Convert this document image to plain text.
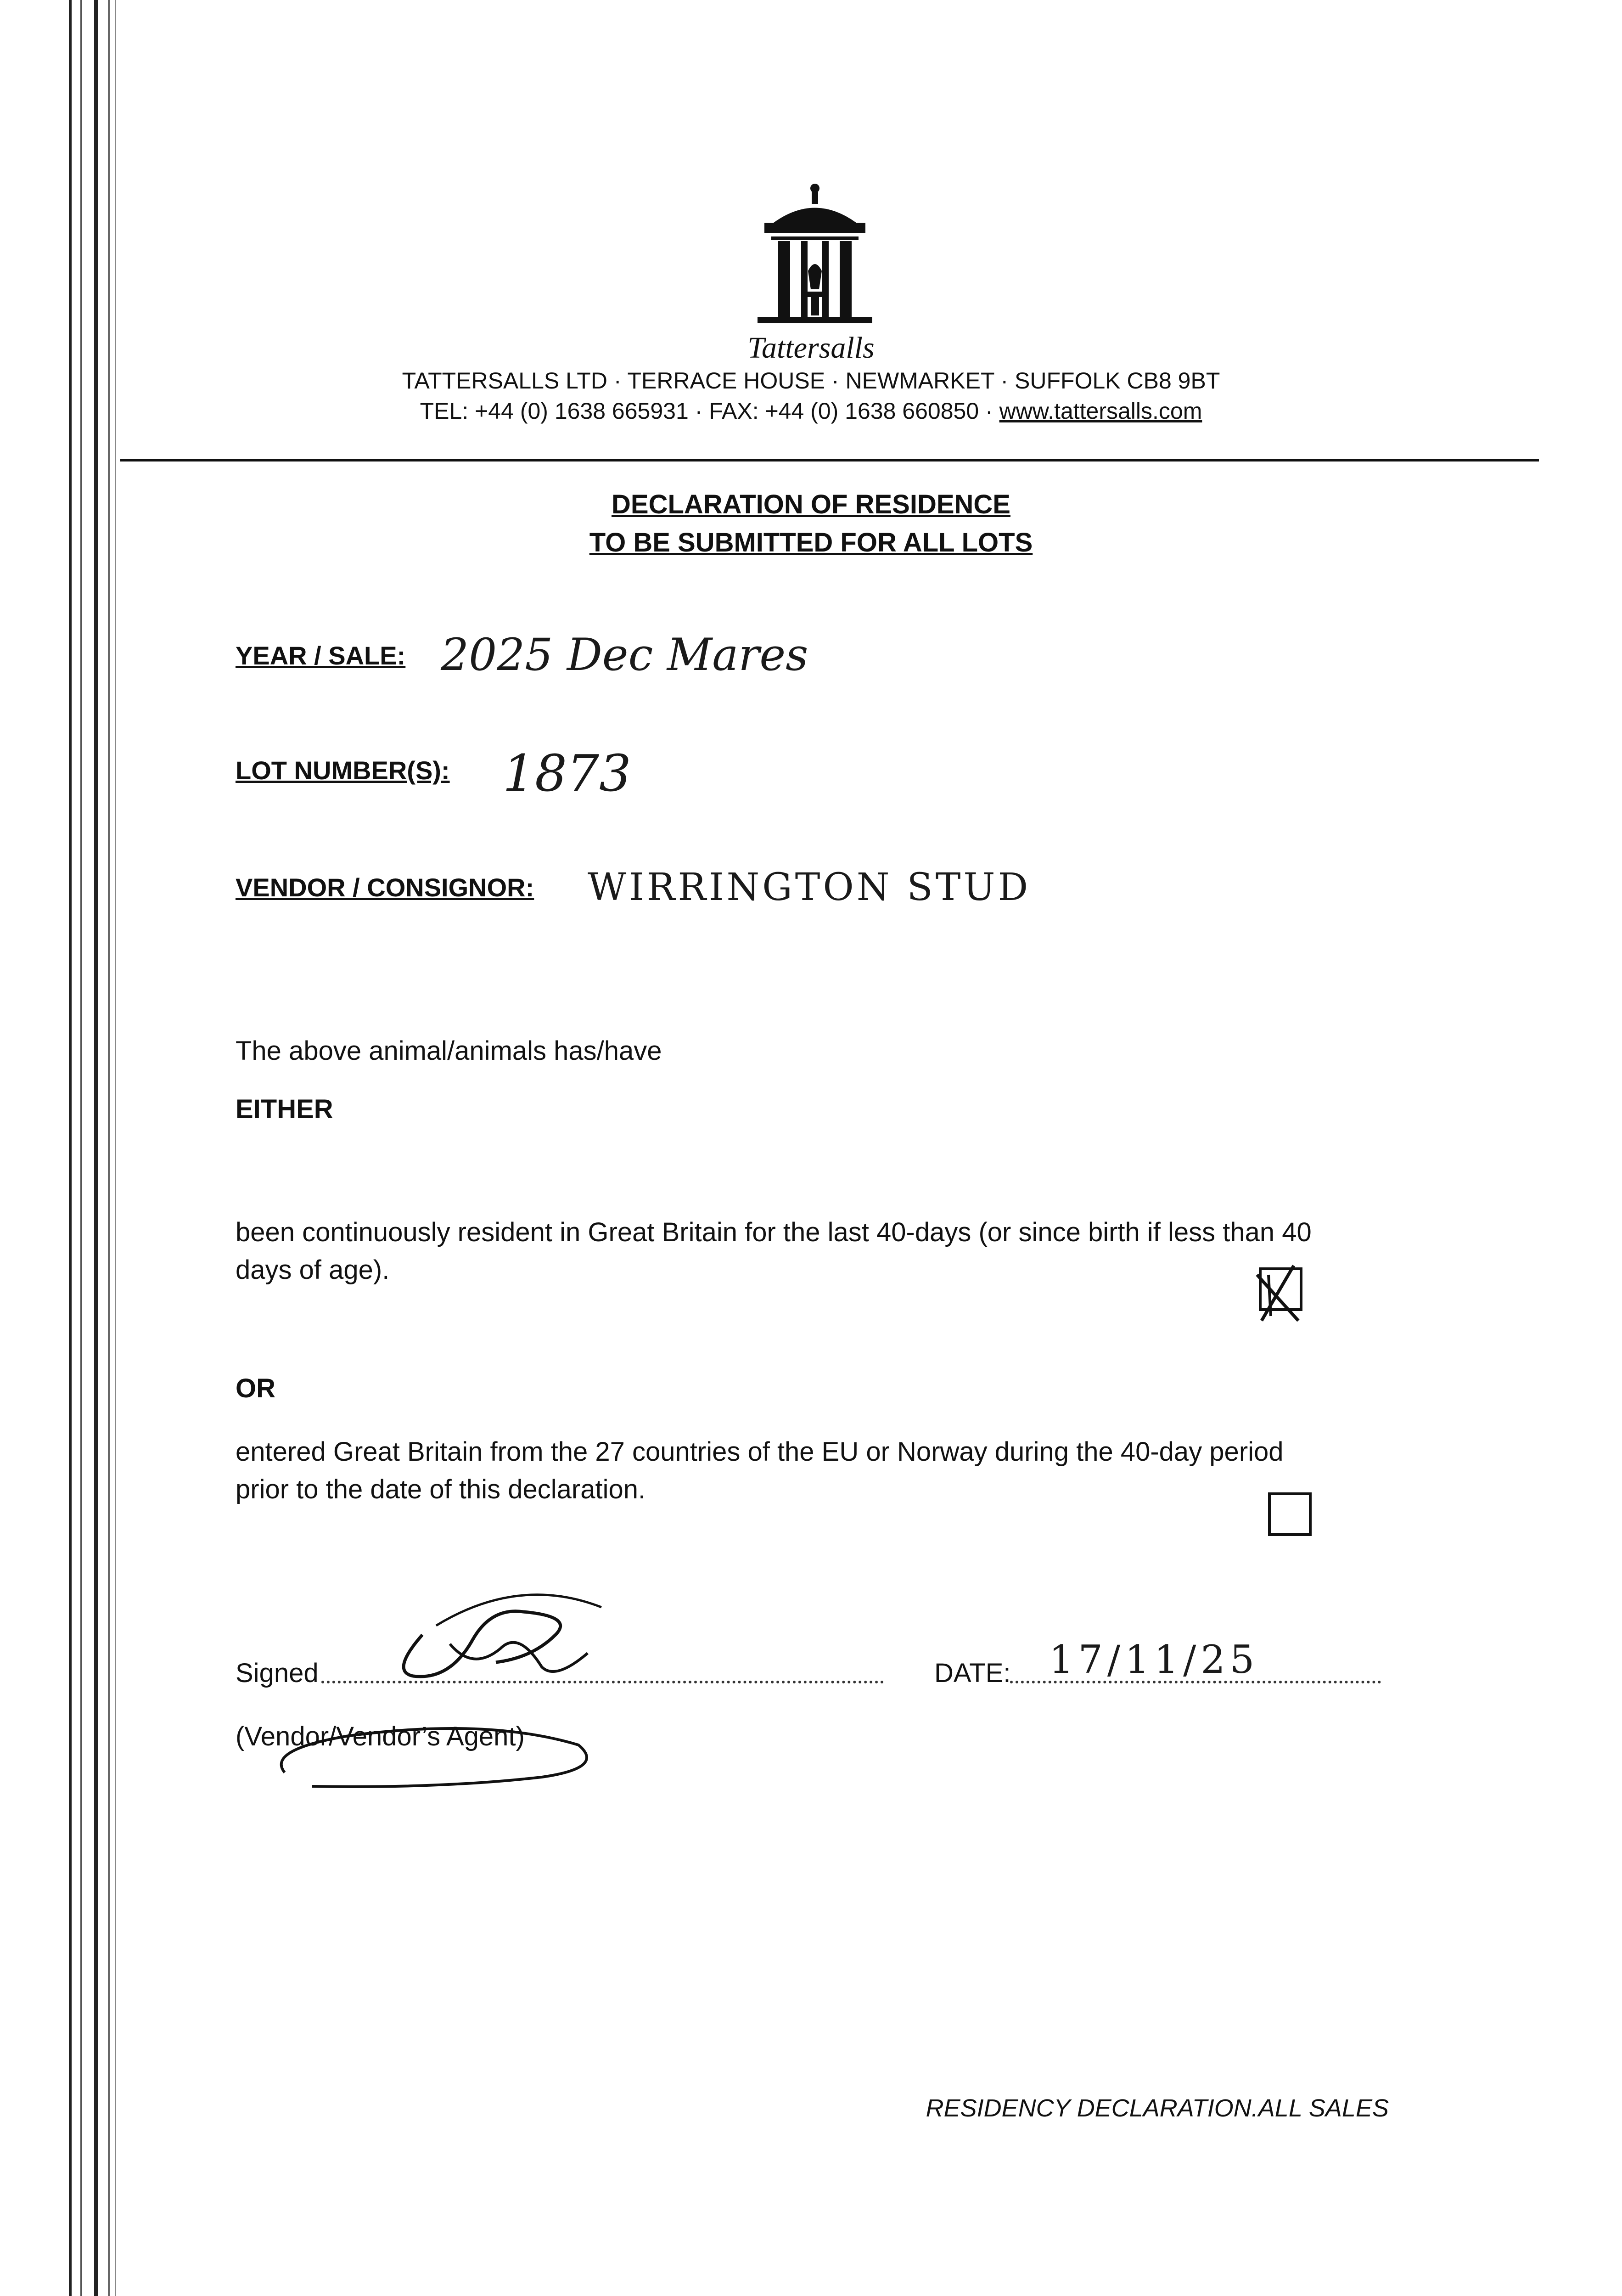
Tattersalls
TATTERSALLS LTD · TERRACE HOUSE · NEWMARKET · SUFFOLK CB8 9BT
TEL: +44 (0) 1638 665931 · FAX: +44 (0) 1638 660850 · www.tattersalls.com
DECLARATION OF RESIDENCE
TO BE SUBMITTED FOR ALL LOTS
YEAR / SALE: 2025 Dec Mares
LOT NUMBER(S): 1873
VENDOR / CONSIGNOR: WIRRINGTON STUD
The above animal/animals has/have
EITHER
been continuously resident in Great Britain for the last 40-days (or since birth if less than 40
days of age).
OR
entered Great Britain from the 27 countries of the EU or Norway during the 40-day period
prior to the date of this declaration.
Signed
(Vendor/Vendor’s Agent)
DATE: 17/11/25
RESIDENCY DECLARATION.ALL SALES
